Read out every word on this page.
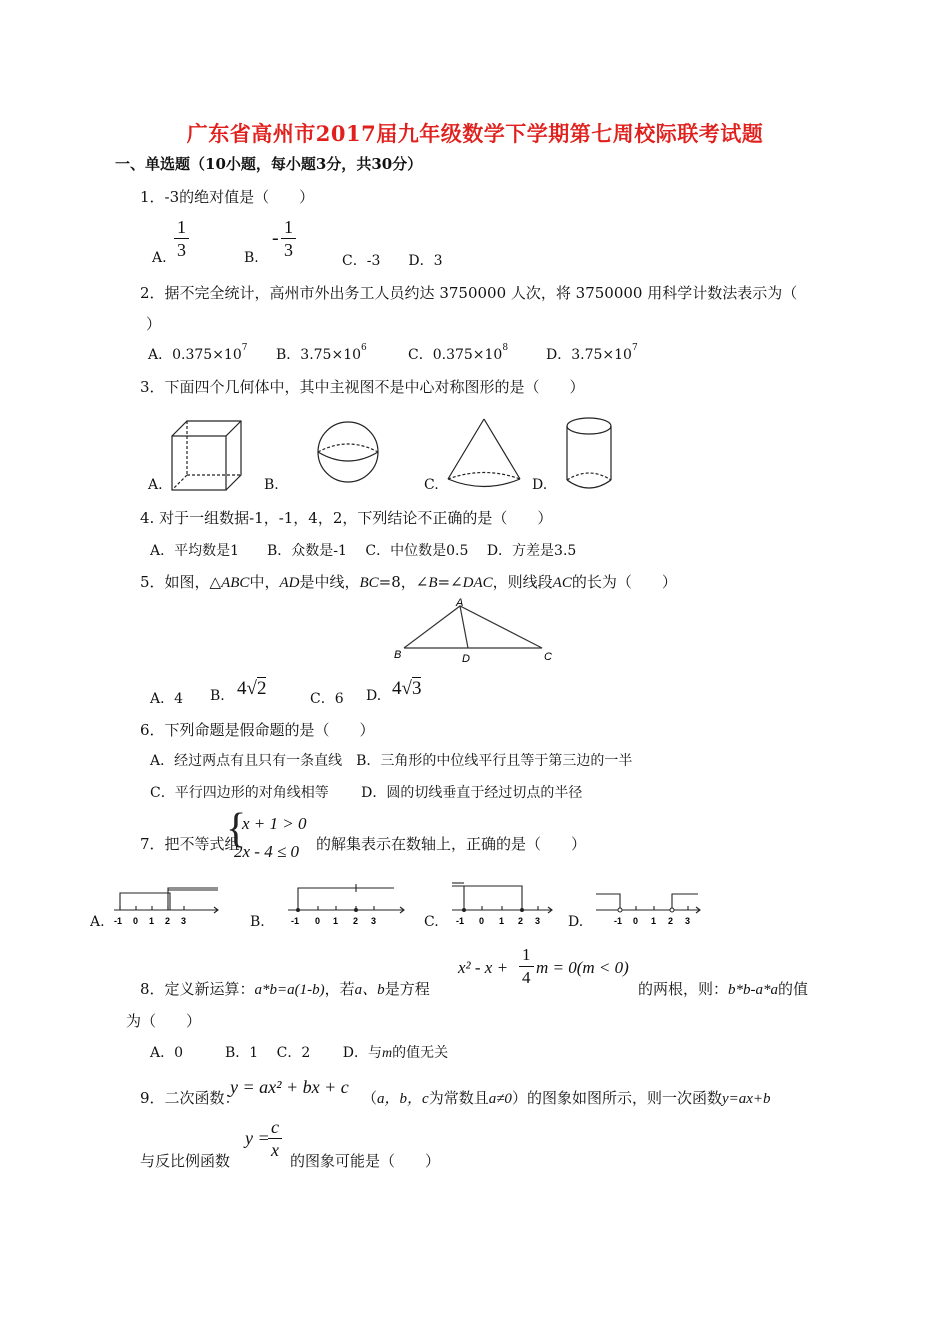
广东省高州市2017届九年级数学下学期第七周校际联考试题
一、单选题（10小题，每小题3分，共30分）
1．-3的绝对值是（　　）
A. $\frac{1}{3}$	B.
- $\frac{1}{3}$	C．-3　　D．3
2．据不完全统计，高州市外出务工人员约达 3750000 人次，将 3750000 用科学计数法表示为（
）
A．$0.375\times 10^7$ B．$3.75\times 10^6$	C．$0.375\times 10^8$	D．$3.75\times 10^7$
3．下面四个几何体中，其中主视图不是中心对称图形的是（　　）
A.	B.	C.	D.
4. 对于一组数据-1，-1，4，2，下列结论不正确的是（　　）
A．平均数是1　　B．众数是-1　 C．中位数是0.5　 D．方差是3.5
5．如图，△ABC中，AD是中线，BC=8，∠B=∠DAC，则线段AC的长为（　　）
A
B	C
D
A．4 B. 4√2	C．6 D. 4√3
6．下列命题是假命题的是（　　）
A．经过两点有且只有一条直线　B．三角形的中位线平行且等于第三边的一半
C．平行四边形的对角线相等　　 D．圆的切线垂直于经过切点的半径
7．把不等式组
{
x + 1 > 0
2x - 4 ≤ 0 的解集表示在数轴上，正确的是（　　）
A.	B.	C.	D.
-1 0 1 2 3	-1 0 1 2 3	-1 0 1 2 3	-1 0 1 2 3
$x^2 - x + \frac{1}{4}$ m = 0(m < 0)
8．定义新运算：a*b=a(1-b)，若a、b是方程	的两根，则：b*b-a*a的值
为（　　）
A．0　　　B．1　 C．2　　 D．与m的值无关
9．二次函数：
y = ax² + bx + c
（a，b，c为常数且a≠0）的图象如图所示，则一次函数y=ax+b
与反比例函数
y =
$\frac{c}{x}$ 的图象可能是（　　）
